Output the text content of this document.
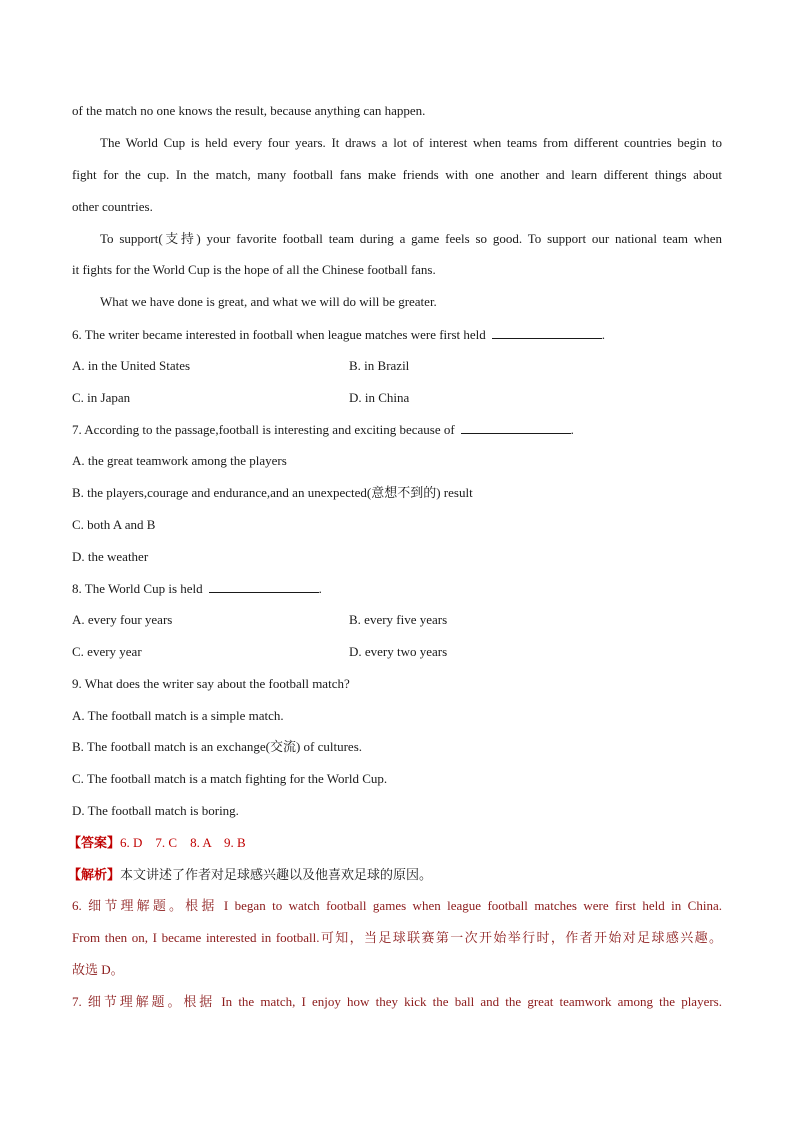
of the match no one knows the result, because anything can happen.
The World Cup is held every four years. It draws a lot of interest when teams from different countries begin to
fight for the cup. In the match, many football fans make friends with one another and learn different things about
other countries.
To support(支持) your favorite football team during a game feels so good. To support our national team when
it fights for the World Cup is the hope of all the Chinese football fans.
What we have done is great, and what we will do will be greater.
6. The writer became interested in football when league matches were first held	.
A. in the United States	B. in Brazil
C. in Japan	D. in China
7. According to the passage,football is interesting and exciting because of	.
A. the great teamwork among the players
B. the players,courage and endurance,and an unexpected(意想不到的) result
C. both A and B
D. the weather
8. The World Cup is held	.
A. every four years	B. every five years
C. every year	D. every two years
9. What does the writer say about the football match?
A. The football match is a simple match.
B. The football match is an exchange(交流) of cultures.
C. The football match is a match fighting for the World Cup.
D. The football match is boring.
【答案】6. D    7. C    8. A    9. B
【解析】本文讲述了作者对足球感兴趣以及他喜欢足球的原因。
6. 细节理解题。根据 I began to watch football games when league football matches were first held in China.
From then on, I became interested in football.可知，当足球联赛第一次开始举行时，作者开始对足球感兴趣。
故选 D。
7. 细节理解题。根据 In the match, I enjoy how they kick the ball and the great teamwork among the players.
